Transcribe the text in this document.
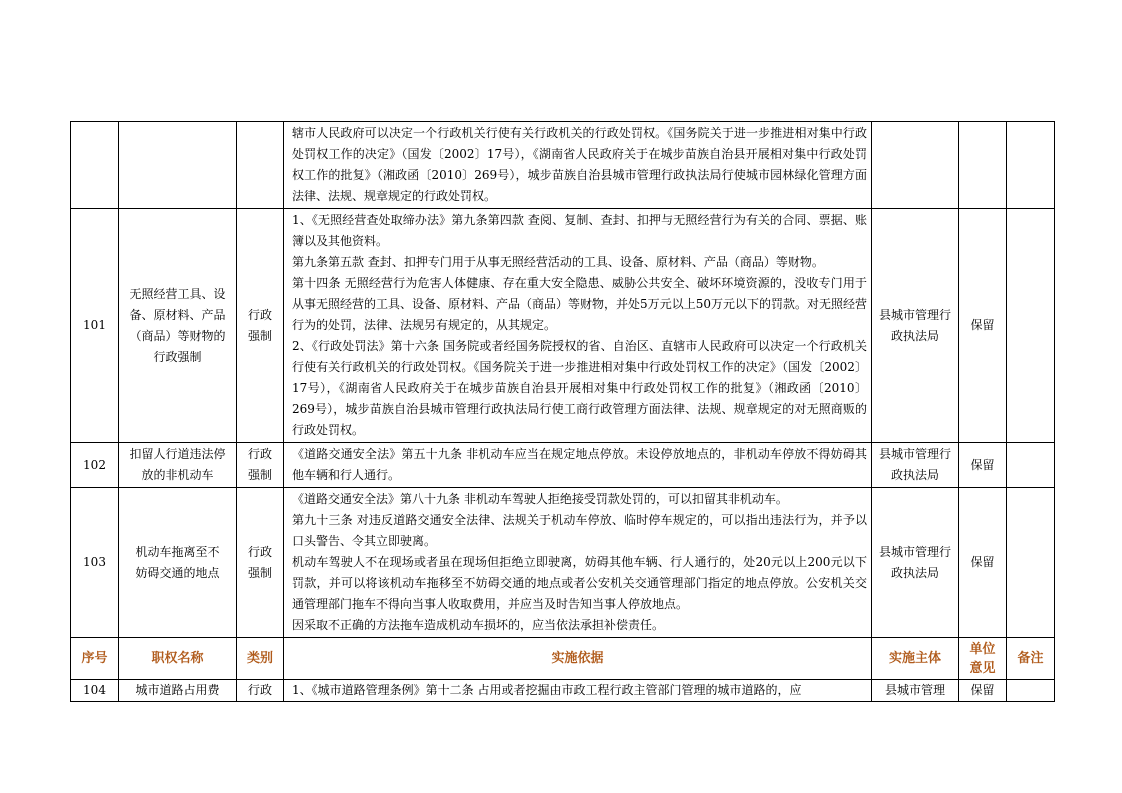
			辖市人民政府可以决定一个行政机关行使有关行政机关的行政处罚权。《国务院关于进一步推进相对集中行政处罚权工作的决定》（国发〔2002〕17号），《湖南省人民政府关于在城步苗族自治县开展相对集中行政处罚权工作的批复》（湘政函〔2010〕269号），城步苗族自治县城市管理行政执法局行使城市园林绿化管理方面法律、法规、规章规定的行政处罚权。			

101	无照经营工具、设备、原材料、产品（商品）等财物的行政强制	行政强制	1、《无照经营查处取缔办法》第九条第四款 查阅、复制、查封、扣押与无照经营行为有关的合同、票据、账簿以及其他资料。

第九条第五款 查封、扣押专门用于从事无照经营活动的工具、设备、原材料、产品（商品）等财物。

第十四条 无照经营行为危害人体健康、存在重大安全隐患、威胁公共安全、破坏环境资源的，没收专门用于从事无照经营的工具、设备、原材料、产品（商品）等财物，并处5万元以上50万元以下的罚款。对无照经营行为的处罚，法律、法规另有规定的，从其规定。

2、《行政处罚法》第十六条 国务院或者经国务院授权的省、自治区、直辖市人民政府可以决定一个行政机关行使有关行政机关的行政处罚权。《国务院关于进一步推进相对集中行政处罚权工作的决定》（国发〔2002〕17号），《湖南省人民政府关于在城步苗族自治县开展相对集中行政处罚权工作的批复》（湘政函〔2010〕269号），城步苗族自治县城市管理行政执法局行使工商行政管理方面法律、法规、规章规定的对无照商贩的行政处罚权。	县城市管理行政执法局	保留	
102	扣留人行道违法停放的非机动车	行政强制	《道路交通安全法》第五十九条 非机动车应当在规定地点停放。未设停放地点的，非机动车停放不得妨碍其他车辆和行人通行。	县城市管理行政执法局	保留	
103	机动车拖离至不妨碍交通的地点	行政强制	《道路交通安全法》第八十九条 非机动车驾驶人拒绝接受罚款处罚的，可以扣留其非机动车。

第九十三条 对违反道路交通安全法律、法规关于机动车停放、临时停车规定的，可以指出违法行为，并予以口头警告、令其立即驶离。

机动车驾驶人不在现场或者虽在现场但拒绝立即驶离，妨碍其他车辆、行人通行的，处20元以上200元以下罚款，并可以将该机动车拖移至不妨碍交通的地点或者公安机关交通管理部门指定的地点停放。公安机关交通管理部门拖车不得向当事人收取费用，并应当及时告知当事人停放地点。

因采取不正确的方法拖车造成机动车损坏的，应当依法承担补偿责任。	县城市管理行政执法局	保留	
序号	职权名称	类别	实施依据	实施主体	单位意见	备注
104	城市道路占用费	行政	1、《城市道路管理条例》第十二条 占用或者挖掘由市政工程行政主管部门管理的城市道路的，应	县城市管理	保留	
